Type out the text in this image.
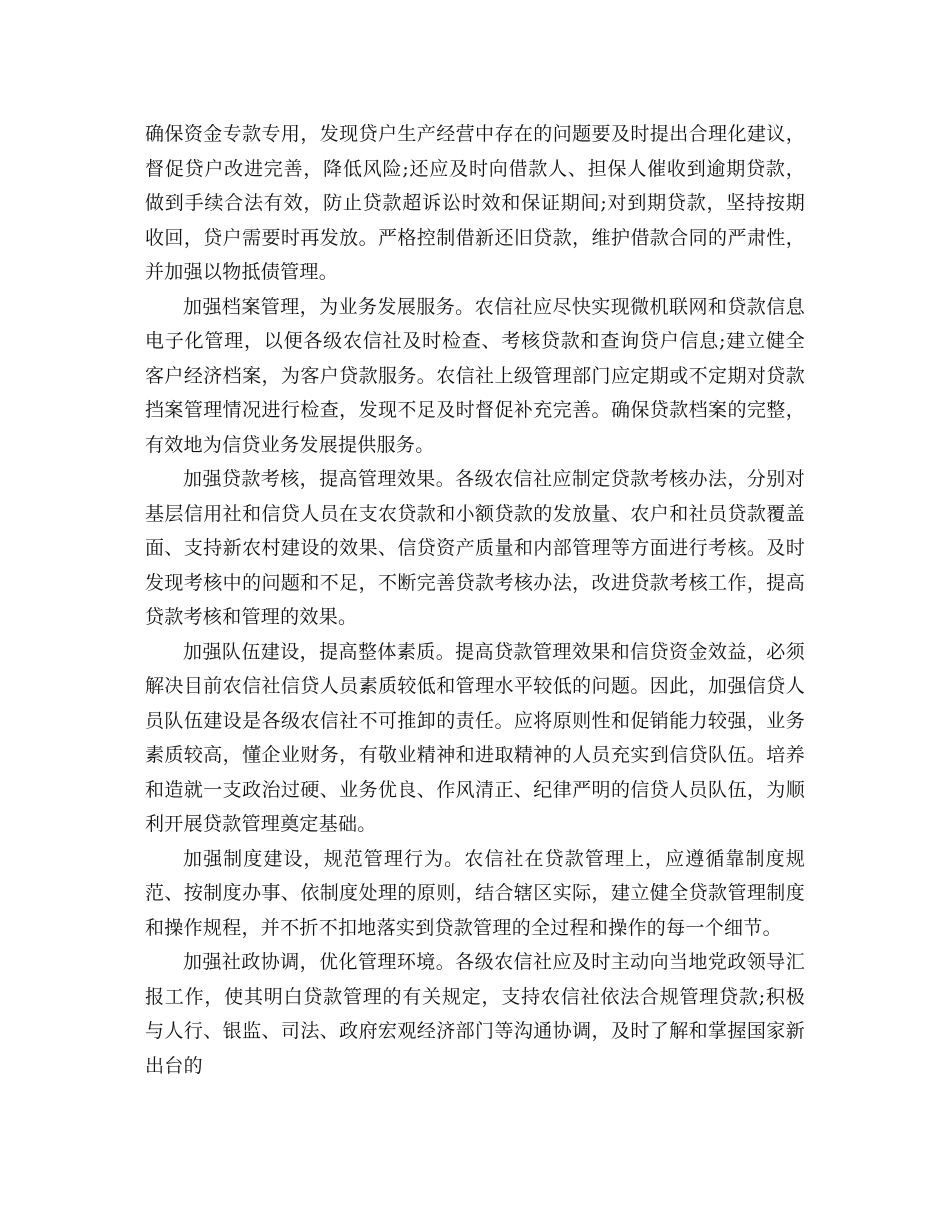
确保资金专款专用，发现贷户生产经营中存在的问题要及时提出合理化建议，督促贷户改进完善，降低风险;还应及时向借款人、担保人催收到逾期贷款，做到手续合法有效，防止贷款超诉讼时效和保证期间;对到期贷款，坚持按期收回，贷户需要时再发放。严格控制借新还旧贷款，维护借款合同的严肃性，并加强以物抵债管理。

加强档案管理，为业务发展服务。农信社应尽快实现微机联网和贷款信息电子化管理，以便各级农信社及时检查、考核贷款和查询贷户信息;建立健全客户经济档案，为客户贷款服务。农信社上级管理部门应定期或不定期对贷款挡案管理情况进行检查，发现不足及时督促补充完善。确保贷款档案的完整，有效地为信贷业务发展提供服务。

加强贷款考核，提高管理效果。各级农信社应制定贷款考核办法，分别对基层信用社和信贷人员在支农贷款和小额贷款的发放量、农户和社员贷款覆盖面、支持新农村建设的效果、信贷资产质量和内部管理等方面进行考核。及时发现考核中的问题和不足，不断完善贷款考核办法，改进贷款考核工作，提高贷款考核和管理的效果。

加强队伍建设，提高整体素质。提高贷款管理效果和信贷资金效益，必须解决目前农信社信贷人员素质较低和管理水平较低的问题。因此，加强信贷人员队伍建设是各级农信社不可推卸的责任。应将原则性和促销能力较强，业务素质较高，懂企业财务，有敬业精神和进取精神的人员充实到信贷队伍。培养和造就一支政治过硬、业务优良、作风清正、纪律严明的信贷人员队伍，为顺利开展贷款管理奠定基础。

加强制度建设，规范管理行为。农信社在贷款管理上，应遵循靠制度规范、按制度办事、依制度处理的原则，结合辖区实际，建立健全贷款管理制度和操作规程，并不折不扣地落实到贷款管理的全过程和操作的每一个细节。

加强社政协调，优化管理环境。各级农信社应及时主动向当地党政领导汇报工作，使其明白贷款管理的有关规定，支持农信社依法合规管理贷款;积极与人行、银监、司法、政府宏观经济部门等沟通协调，及时了解和掌握国家新出台的
